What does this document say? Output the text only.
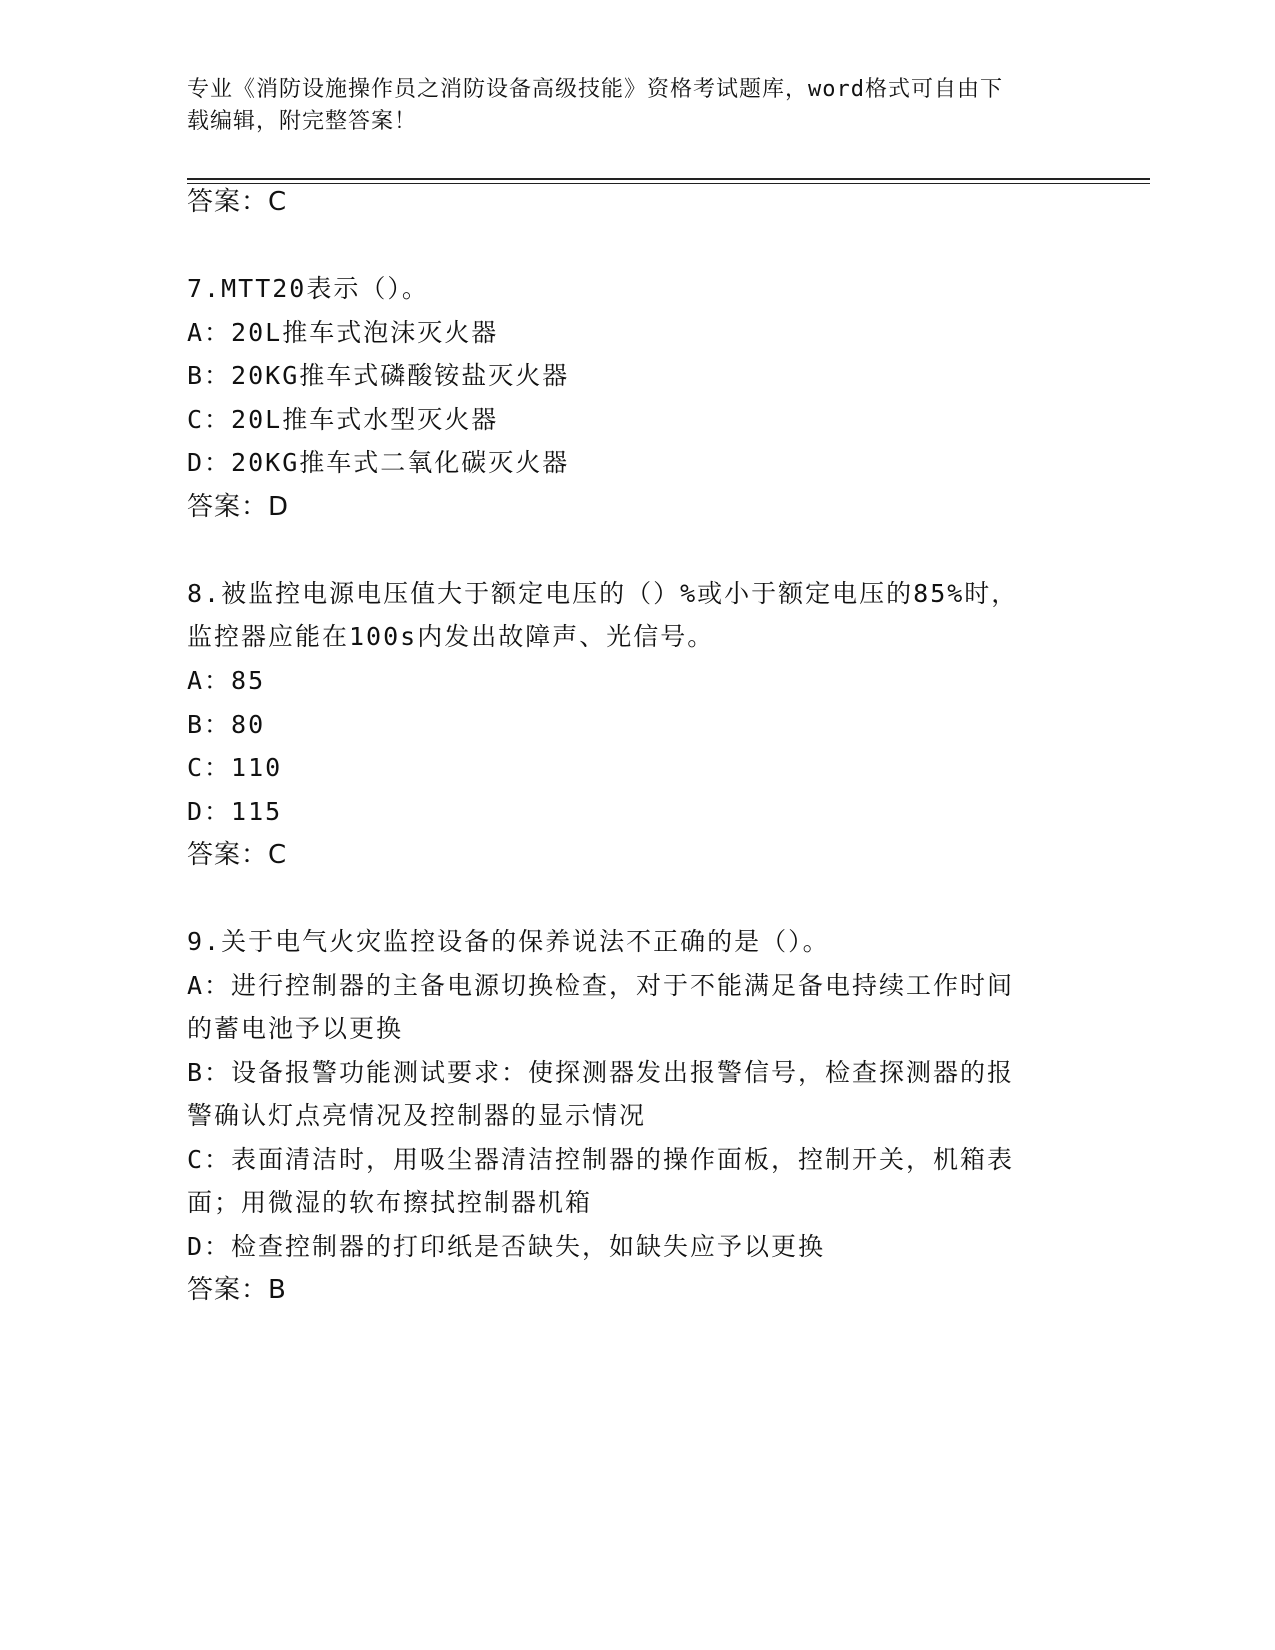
专业《消防设施操作员之消防设备高级技能》资格考试题库，word格式可自由下
载编辑，附完整答案！
答案：C
7.MTT20表示（）。
A：20L推车式泡沫灭火器
B：20KG推车式磷酸铵盐灭火器
C：20L推车式水型灭火器
D：20KG推车式二氧化碳灭火器
答案：D
8.被监控电源电压值大于额定电压的（）%或小于额定电压的85%时，
监控器应能在100s内发出故障声、光信号。
A：85
B：80
C：110
D：115
答案：C
9.关于电气火灾监控设备的保养说法不正确的是（）。
A：进行控制器的主备电源切换检查，对于不能满足备电持续工作时间
的蓄电池予以更换
B：设备报警功能测试要求：使探测器发出报警信号，检查探测器的报
警确认灯点亮情况及控制器的显示情况
C：表面清洁时，用吸尘器清洁控制器的操作面板，控制开关，机箱表
面；用微湿的软布擦拭控制器机箱
D：检查控制器的打印纸是否缺失，如缺失应予以更换
答案：B
